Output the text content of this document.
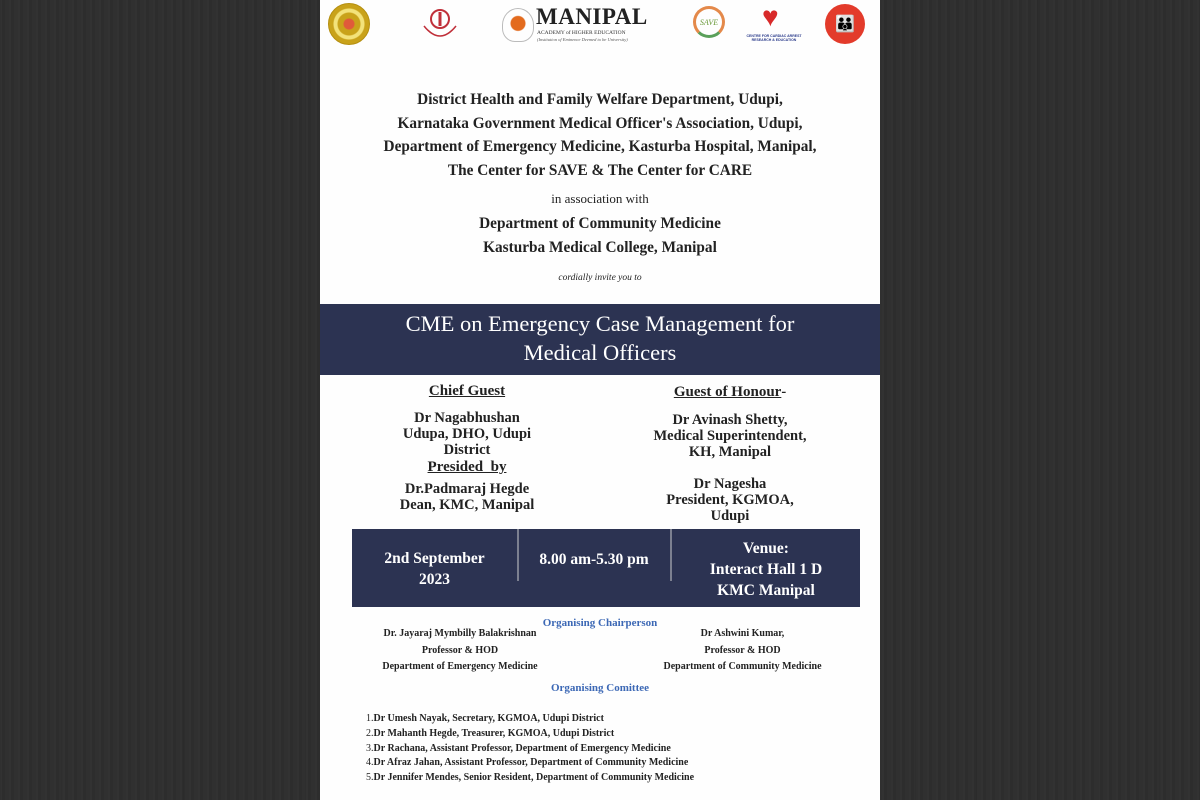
MANIPAL
ACADEMY of HIGHER EDUCATION
(Institution of Eminence Deemed to be University)
SAVE ♥
CENTRE FOR CARDIAC ARREST RESEARCH & EDUCATION
👪
District Health and Family Welfare Department, Udupi,
Karnataka Government Medical Officer's Association, Udupi,
Department of Emergency Medicine, Kasturba Hospital, Manipal,
The Center for SAVE & The Center for CARE
in association with
Department of Community Medicine
Kasturba Medical College, Manipal
cordially invite you to
CME on Emergency Case Management for
Medical Officers
Chief Guest
Dr Nagabhushan
Udupa, DHO, Udupi
District
Presided  by
Dr.Padmaraj Hegde
Dean, KMC, Manipal
Guest of Honour-
Dr Avinash Shetty,
Medical Superintendent,
KH, Manipal
Dr Nagesha
President, KGMOA,
Udupi
2nd September
2023
8.00 am-5.30 pm
Venue:
Interact Hall 1 D
KMC Manipal
Organising Chairperson
Dr. Jayaraj Mymbilly Balakrishnan
Professor & HOD
Department of Emergency Medicine
Dr Ashwini Kumar,
Professor & HOD
Department of Community Medicine
Organising Comittee
1.Dr Umesh Nayak, Secretary, KGMOA, Udupi District
2.Dr Mahanth Hegde, Treasurer, KGMOA, Udupi District
3.Dr Rachana, Assistant Professor, Department of Emergency Medicine
4.Dr Afraz Jahan, Assistant Professor, Department of Community Medicine
5.Dr Jennifer Mendes, Senior Resident, Department of Community Medicine
